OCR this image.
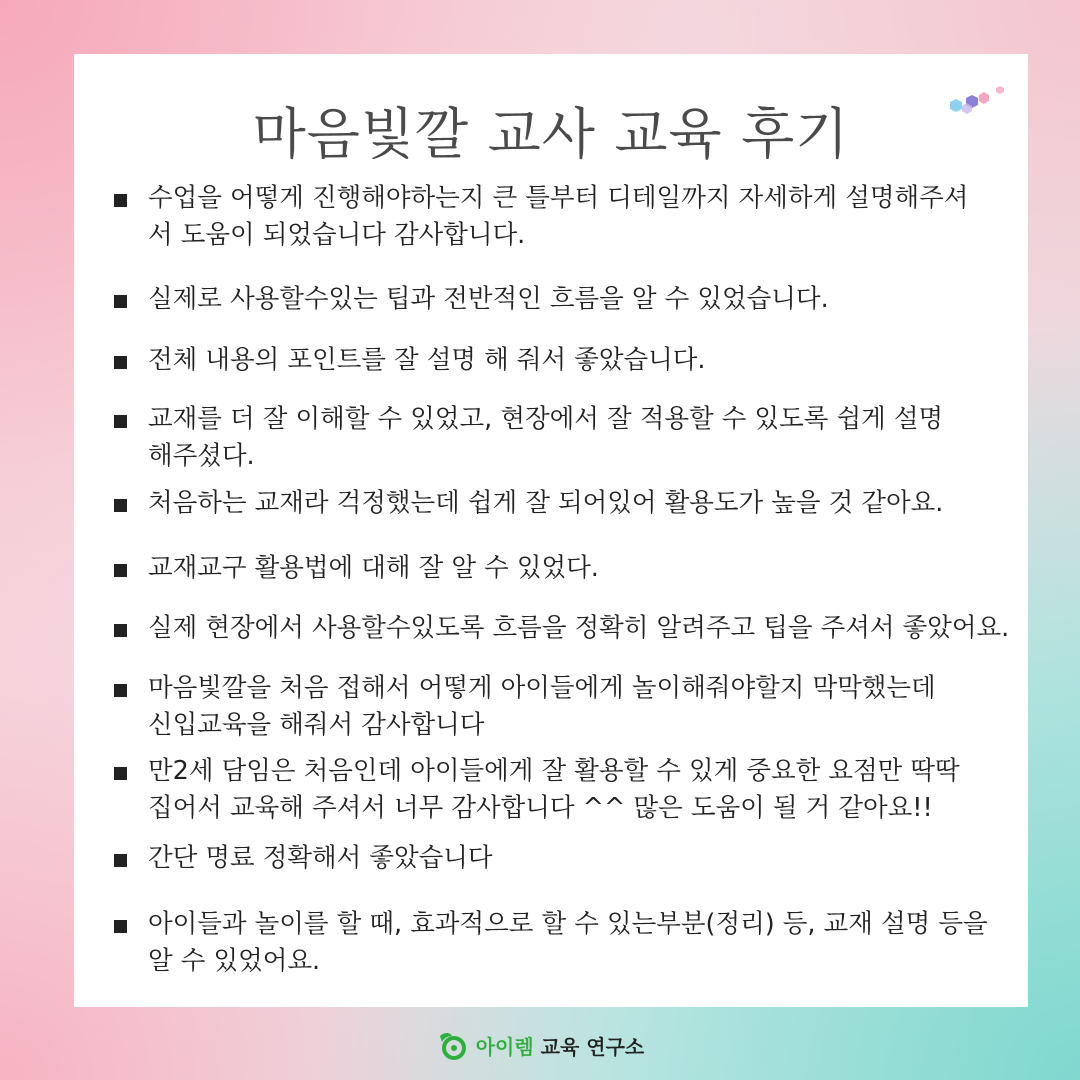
마음빛깔 교사 교육 후기
수업을 어떻게 진행해야하는지 큰 틀부터 디테일까지 자세하게 설명해주셔
서 도움이 되었습니다 감사합니다.
실제로 사용할수있는 팁과 전반적인 흐름을 알 수 있었습니다.
전체 내용의 포인트를 잘 설명 해 줘서 좋았습니다.
교재를 더 잘 이해할 수 있었고, 현장에서 잘 적용할 수 있도록 쉽게 설명
해주셨다.
처음하는 교재라 걱정했는데 쉽게 잘 되어있어 활용도가 높을 것 같아요.
교재교구 활용법에 대해 잘 알 수 있었다.
실제 현장에서 사용할수있도록 흐름을 정확히 알려주고 팁을 주셔서 좋았어요.
마음빛깔을 처음 접해서 어떻게 아이들에게 놀이해줘야할지 막막했는데
신입교육을 해줘서 감사합니다
만2세 담임은 처음인데 아이들에게 잘 활용할 수 있게 중요한 요점만 딱딱
집어서 교육해 주셔서 너무 감사합니다 ^^ 많은 도움이 될 거 같아요!!
간단 명료 정확해서 좋았습니다
아이들과 놀이를 할 때, 효과적으로 할 수 있는부분(정리) 등, 교재 설명 등을
알 수 있었어요.
아이렘 교육 연구소
